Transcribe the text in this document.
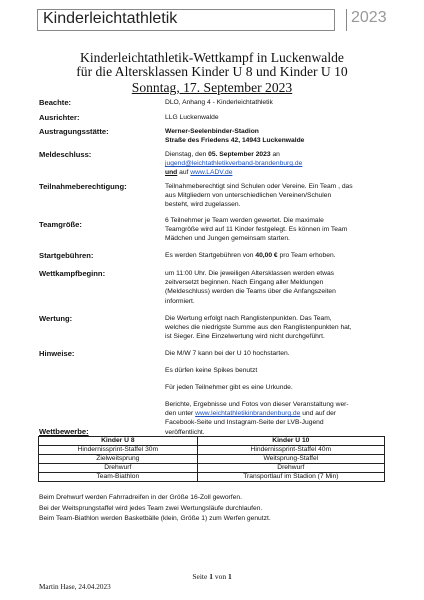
Kinderleichtathletik	2023
Kinderleichtathletik-Wettkampf in Luckenwalde
für die Altersklassen Kinder U 8 und Kinder U 10
Sonntag, 17. September 2023
Beachte:	DLO, Anhang 4 - Kinderleichtathletik
Ausrichter:	LLG Luckenwalde
Austragungsstätte:	Werner-Seelenbinder-Stadion
Straße des Friedens 42, 14943 Luckenwalde
Meldeschluss:	Dienstag, den 05. September 2023 an
jugend@leichtathletikverband-brandenburg.de
und auf www.LADV.de
Teilnahmeberechtigung:	Teilnahmeberechtigt sind Schulen oder Vereine. Ein Team , das
aus Mitgliedern von unterschiedlichen Vereinen/Schulen
besteht, wird zugelassen.
Teamgröße:	6 Teilnehmer je Team werden gewertet. Die maximale
Teamgröße wird auf 11 Kinder festgelegt. Es können im Team
Mädchen und Jungen gemeinsam starten.
Startgebühren:	Es werden Startgebühren von 40,00 € pro Team erhoben.
Wettkampfbeginn:	um 11:00 Uhr. Die jeweiligen Altersklassen werden etwas
zeitversetzt beginnen. Nach Eingang aller Meldungen
(Meldeschluss) werden die Teams über die Anfangszeiten
informiert.
Wertung:	Die Wertung erfolgt nach Ranglistenpunkten. Das Team,
welches die niedrigste Summe aus den Ranglistenpunkten hat,
ist Sieger. Eine Einzelwertung wird nicht durchgeführt.
Hinweise:	Die M/W 7 kann bei der U 10 hochstarten.
Es dürfen keine Spikes benutzt
Für jeden Teilnehmer gibt es eine Urkunde.
Berichte, Ergebnisse und Fotos von dieser Veranstaltung wer-
den unter www.leichtathletikinbrandenburg.de und auf der
Facebook-Seite und Instagram-Seite der LVB-Jugend
veröffentlicht.
Wettbewerbe:
Kinder U 8	Kinder U 10
Hindernissprint-Staffel 30m	Hindernissprint-Staffel 40m
Zielweitsprung	Weitsprung-Staffel
Drehwurf	Drehwurf
Team-Biathlon	Transportlauf im Stadion (7 Min)
Beim Drehwurf werden Fahrradreifen in der Größe 16-Zoll geworfen.
Bei der Weitsprungstaffel wird jedes Team zwei Wertungsläufe durchlaufen.
Beim Team-Biathlon werden Basketbälle (klein, Größe 1) zum Werfen genutzt.
Seite 1 von 1
Martin Hase, 24.04.2023
